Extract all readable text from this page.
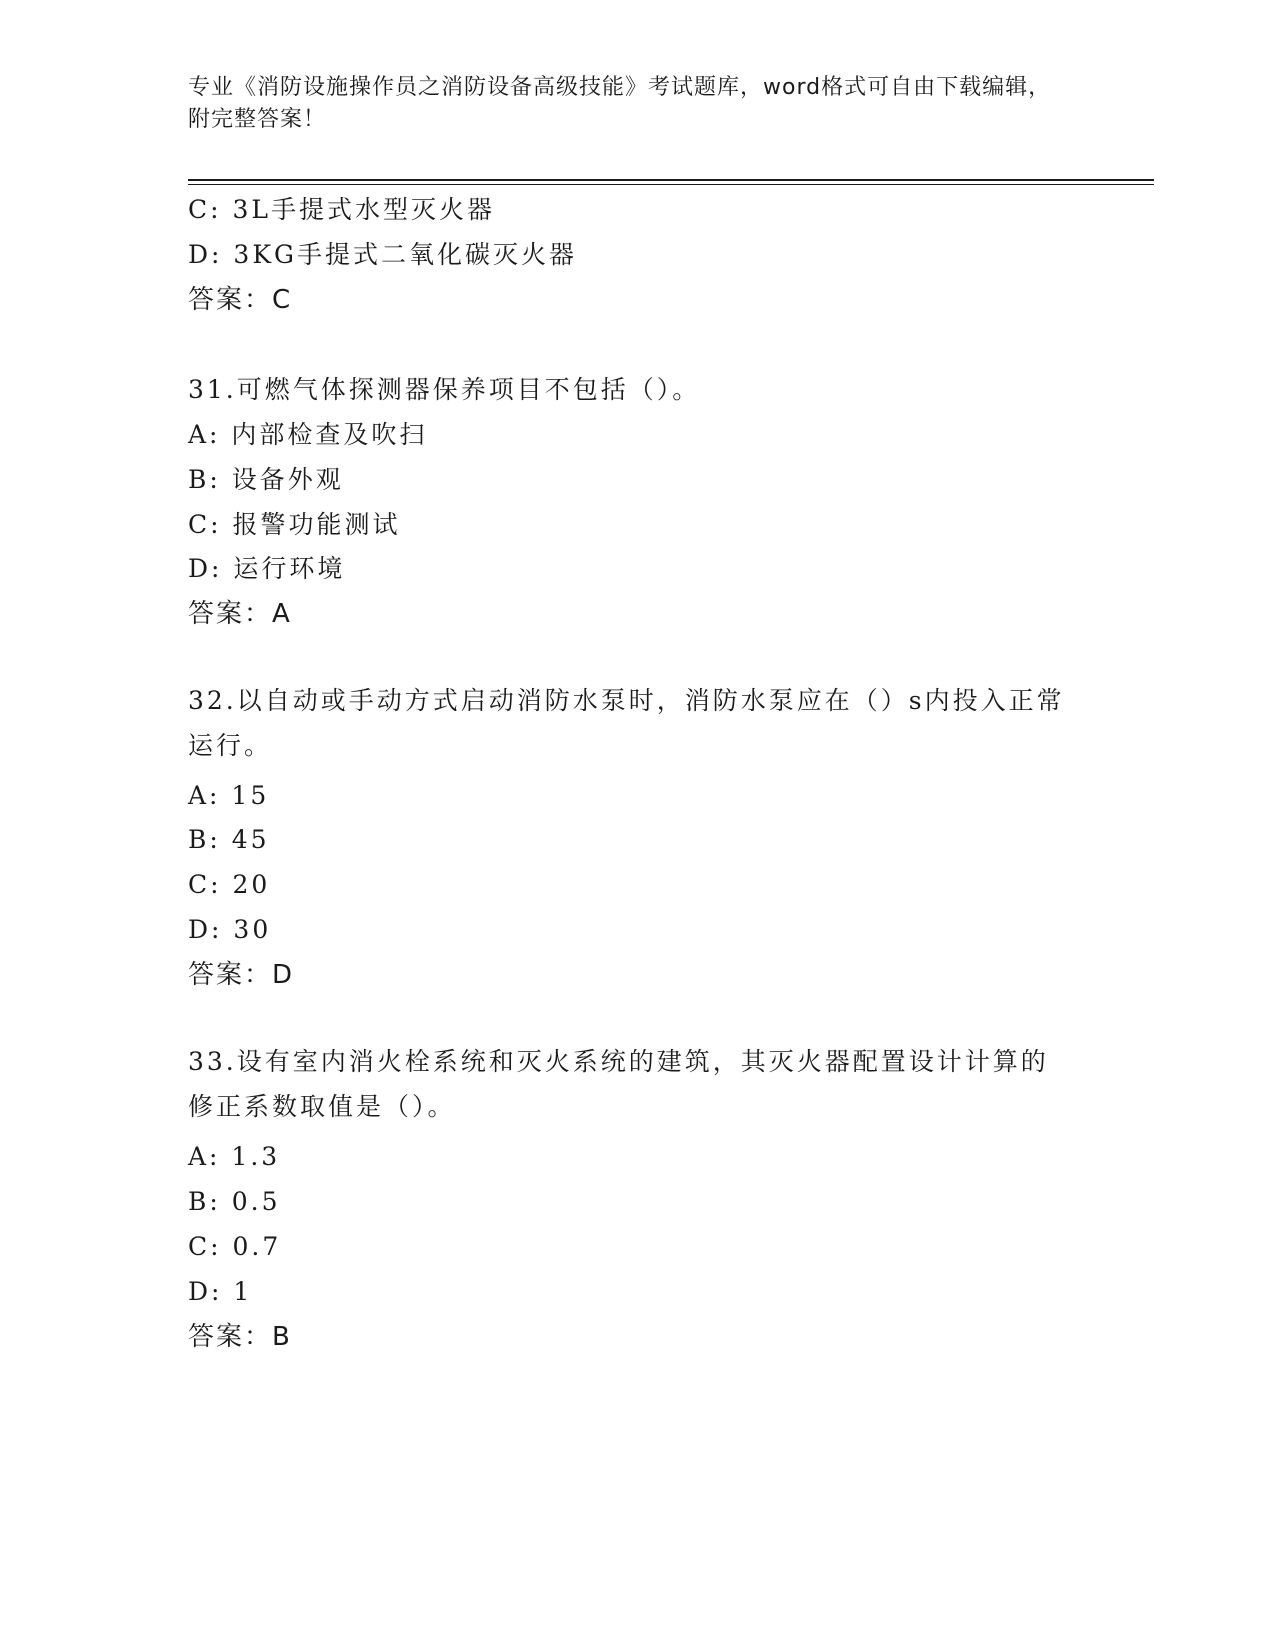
专业《消防设施操作员之消防设备高级技能》考试题库，word格式可自由下载编辑，附完整答案！
C: 3L手提式水型灭火器
D: 3KG手提式二氧化碳灭火器
答案：C
31.可燃气体探测器保养项目不包括（）。
A: 内部检查及吹扫
B: 设备外观
C: 报警功能测试
D: 运行环境
答案：A
32.以自动或手动方式启动消防水泵时，消防水泵应在（）s内投入正常运行。
A: 15
B: 45
C: 20
D: 30
答案：D
33.设有室内消火栓系统和灭火系统的建筑，其灭火器配置设计计算的修正系数取值是（）。
A: 1.3
B: 0.5
C: 0.7
D: 1
答案：B
